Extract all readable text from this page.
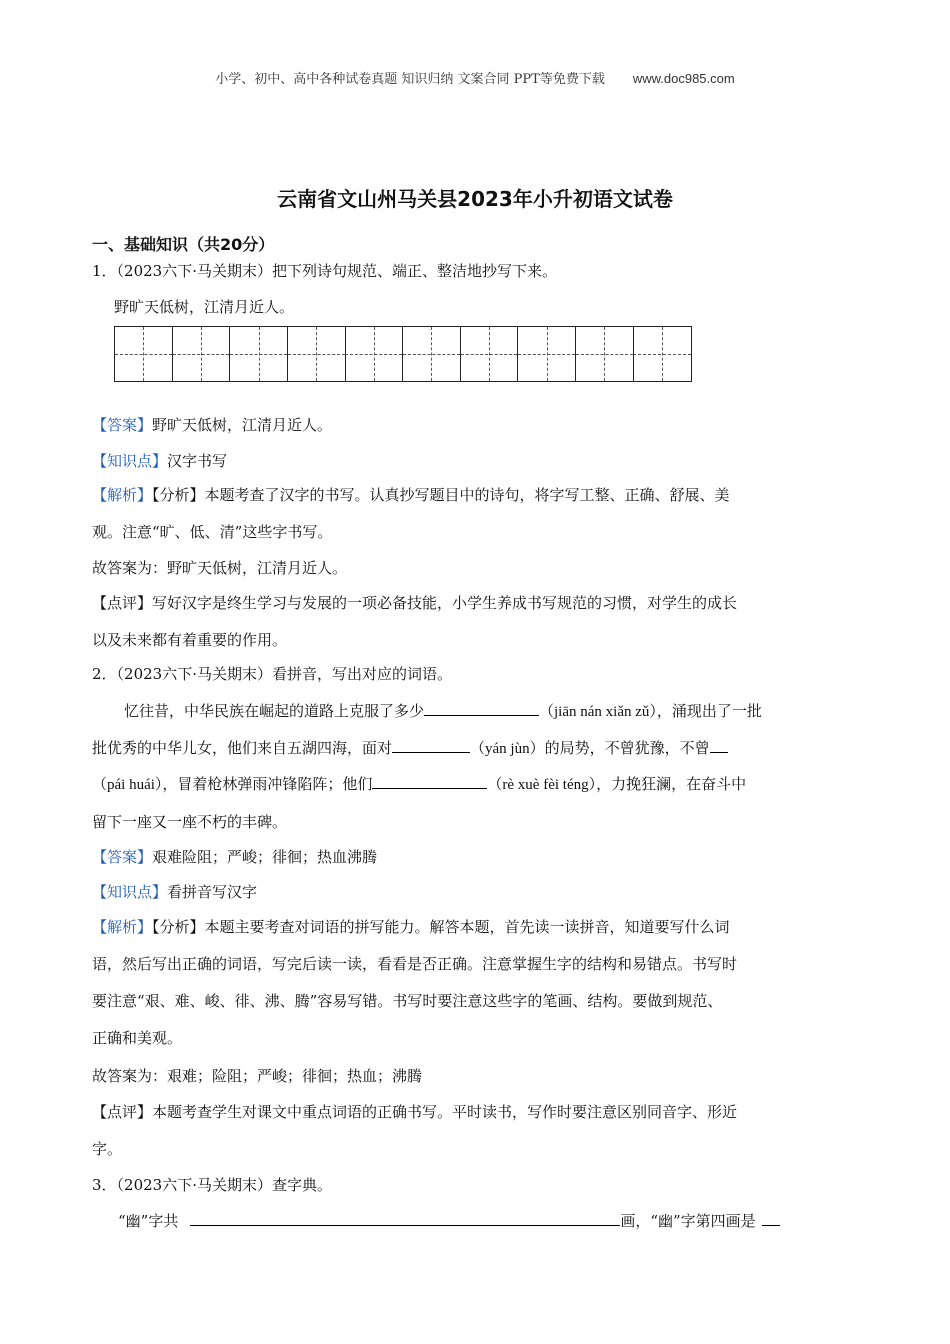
小学、初中、高中各种试卷真题 知识归纳 文案合同 PPT等免费下载 www.doc985.com
云南省文山州马关县2023年小升初语文试卷
一、基础知识（共20分）
1．（2023六下·马关期末）把下列诗句规范、端正、整洁地抄写下来。
野旷天低树，江清月近人。
【答案】野旷天低树，江清月近人。
【知识点】汉字书写
【解析】【分析】本题考查了汉字的书写。认真抄写题目中的诗句，将字写工整、正确、舒展、美
观。注意“旷、低、清”这些字书写。
故答案为：野旷天低树，江清月近人。
【点评】写好汉字是终生学习与发展的一项必备技能，小学生养成书写规范的习惯，对学生的成长
以及未来都有着重要的作用。
2．（2023六下·马关期末）看拼音，写出对应的词语。
忆往昔，中华民族在崛起的道路上克服了多少	（jiān nán xiǎn zǔ），涌现出了一批
批优秀的中华儿女，他们来自五湖四海，面对	（yán jùn）的局势，不曾犹豫，不曾
（pái huái），冒着枪林弹雨冲锋陷阵；他们	（rè xuè fèi téng），力挽狂澜，在奋斗中
留下一座又一座不朽的丰碑。
【答案】艰难险阻；严峻；徘徊；热血沸腾
【知识点】看拼音写汉字
【解析】【分析】本题主要考查对词语的拼写能力。解答本题，首先读一读拼音，知道要写什么词
语，然后写出正确的词语，写完后读一读，看看是否正确。注意掌握生字的结构和易错点。书写时
要注意“艰、难、峻、徘、沸、腾”容易写错。书写时要注意这些字的笔画、结构。要做到规范、
正确和美观。
故答案为：艰难；险阻；严峻；徘徊；热血；沸腾
【点评】本题考查学生对课文中重点词语的正确书写。平时读书，写作时要注意区别同音字、形近
字。
3．（2023六下·马关期末）查字典。
“幽”字共	画，“幽”字第四画是
